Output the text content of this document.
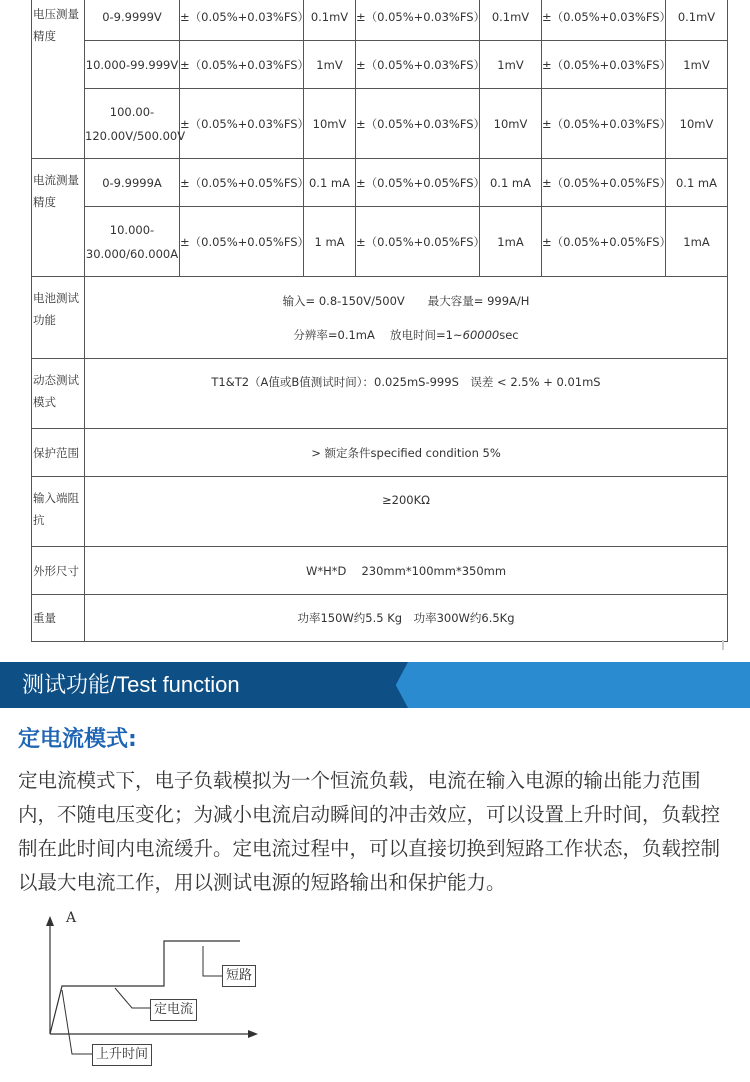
电压测量精度	0-9.9999V	±（0.05%+0.03%FS）	0.1mV	±（0.05%+0.03%FS）	0.1mV	±（0.05%+0.03%FS）	0.1mV
	10.000-99.999V	±（0.05%+0.03%FS）	1mV	±（0.05%+0.03%FS）	1mV	±（0.05%+0.03%FS）	1mV
	100.00-120.00V/500.00V	±（0.05%+0.03%FS）	10mV	±（0.05%+0.03%FS）	10mV	±（0.05%+0.03%FS）	10mV
电流测量精度	0-9.9999A	±（0.05%+0.05%FS）	0.1 mA	±（0.05%+0.05%FS）	0.1 mA	±（0.05%+0.05%FS）	0.1 mA
	10.000-30.000/60.000A	±（0.05%+0.05%FS）	1 mA	±（0.05%+0.05%FS）	1mA	±（0.05%+0.05%FS）	1mA
电池测试功能	输入= 0.8-150V/500V　　最大容量= 999A/H
分辨率=0.1mA　 放电时间=1~60000sec						

动态测试模式	T1&T2（A值或B值测试时间）：0.025mS-999S　误差 < 2.5% + 0.01mS						
保护范围	> 额定条件specified condition 5%						
输入端阻抗	≥200KΩ						
外形尺寸	W*H*D　 230mm*100mm*350mm						
重量	功率150W约5.5 Kg　功率300W约6.5Kg						
测试功能/Test function
定电流模式:
定电流模式下，电子负载模拟为一个恒流负载，电流在输入电源的输出能力范围内，不随电压变化；为减小电流启动瞬间的冲击效应，可以设置上升时间，负载控制在此时间内电流缓升。定电流过程中，可以直接切换到短路工作状态，负载控制以最大电流工作，用以测试电源的短路输出和保护能力。
A
短路
定电流
上升时间
